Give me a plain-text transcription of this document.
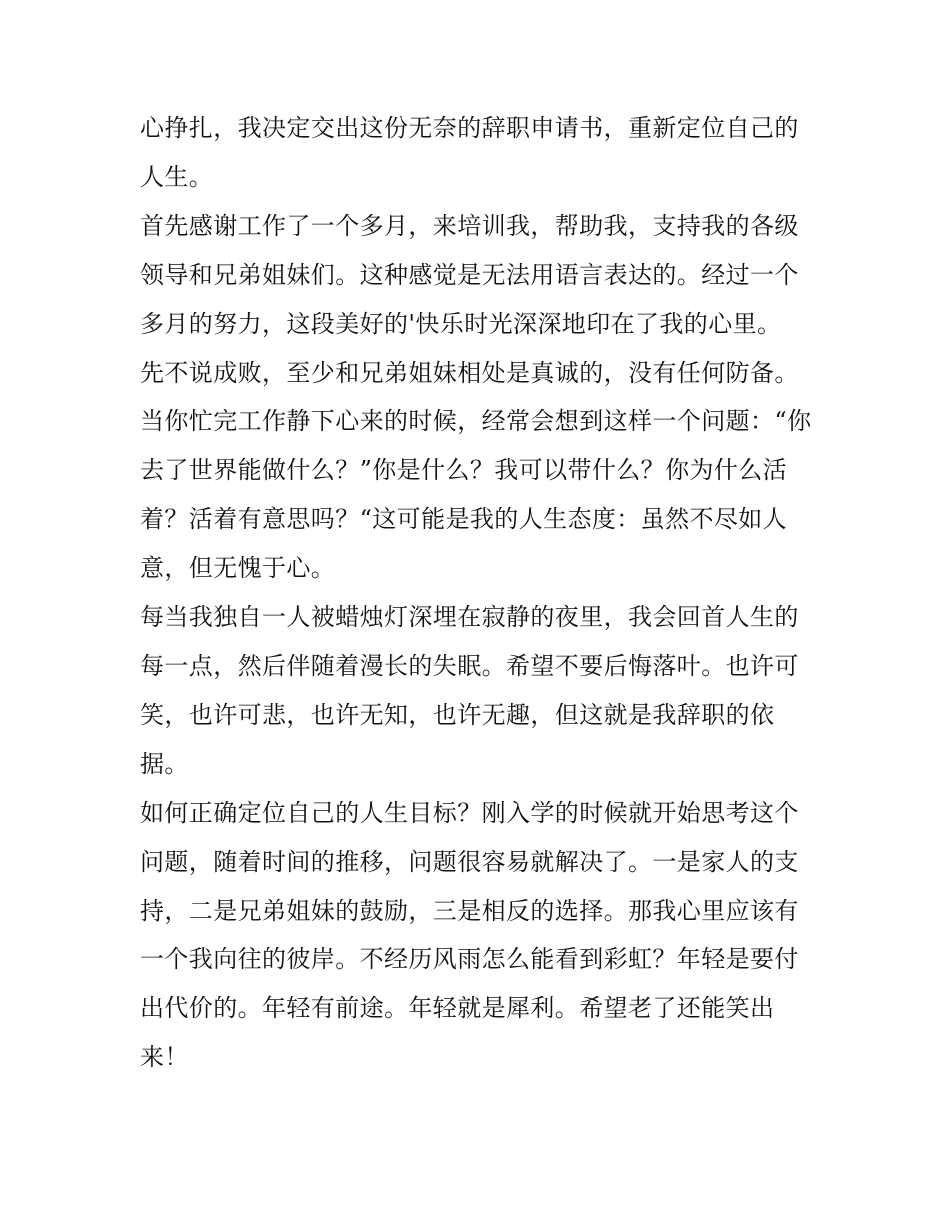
心挣扎，我决定交出这份无奈的辞职申请书，重新定位自己的人生。

首先感谢工作了一个多月，来培训我，帮助我，支持我的各级领导和兄弟姐妹们。这种感觉是无法用语言表达的。经过一个多月的努力，这段美好的'快乐时光深深地印在了我的心里。

先不说成败，至少和兄弟姐妹相处是真诚的，没有任何防备。

当你忙完工作静下心来的时候，经常会想到这样一个问题：“你去了世界能做什么？”你是什么？我可以带什么？你为什么活着？活着有意思吗？“这可能是我的人生态度：虽然不尽如人意，但无愧于心。

每当我独自一人被蜡烛灯深埋在寂静的夜里，我会回首人生的每一点，然后伴随着漫长的失眠。希望不要后悔落叶。也许可笑，也许可悲，也许无知，也许无趣，但这就是我辞职的依据。

如何正确定位自己的人生目标？刚入学的时候就开始思考这个问题，随着时间的推移，问题很容易就解决了。一是家人的支持，二是兄弟姐妹的鼓励，三是相反的选择。那我心里应该有一个我向往的彼岸。不经历风雨怎么能看到彩虹？年轻是要付出代价的。年轻有前途。年轻就是犀利。希望老了还能笑出来！
